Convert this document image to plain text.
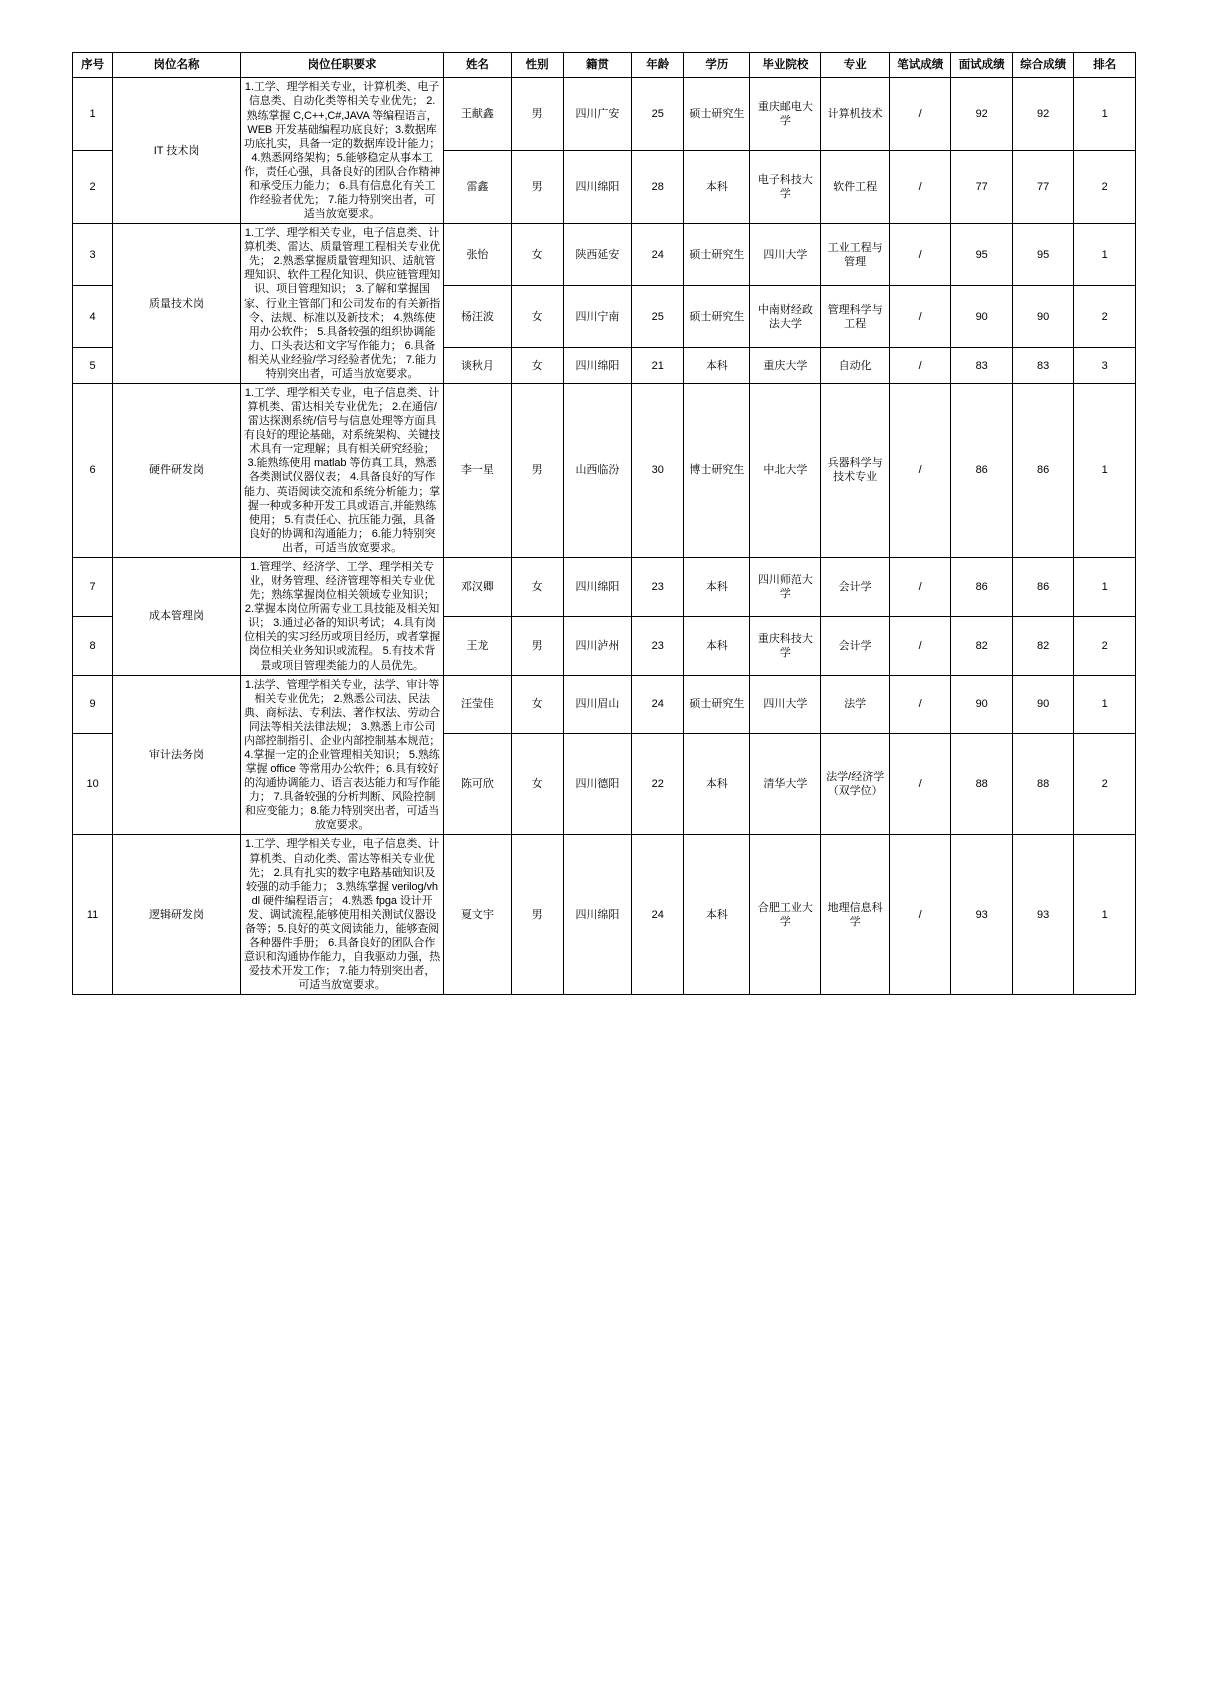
序号	岗位名称	岗位任职要求	姓名	性别	籍贯	年龄	学历	毕业院校	专业	笔试成绩	面试成绩	综合成绩	排名
1	IT 技术岗	1.工学、理学相关专业，计算机类、电子信息类、自动化类等相关专业优先； 2.熟练掌握 C,C++,C#,JAVA 等编程语言，WEB 开发基础编程功底良好；3.数据库功底扎实，具备一定的数据库设计能力； 4.熟悉网络架构；5.能够稳定从事本工作，责任心强，具备良好的团队合作精神和承受压力能力； 6.具有信息化有关工作经验者优先； 7.能力特别突出者，可适当放宽要求。	王献鑫	男	四川广安	25	硕士研究生	重庆邮电大学	计算机技术	/	92	92	1
2			雷鑫	男	四川绵阳	28	本科	电子科技大学	软件工程	/	77	77	2
3	质量技术岗	1.工学、理学相关专业，电子信息类、计算机类、雷达、质量管理工程相关专业优先； 2.熟悉掌握质量管理知识、适航管理知识、软件工程化知识、供应链管理知识、项目管理知识； 3.了解和掌握国家、行业主管部门和公司发布的有关新指令、法规、标准以及新技术； 4.熟练使用办公软件； 5.具备较强的组织协调能力、口头表达和文字写作能力； 6.具备相关从业经验/学习经验者优先； 7.能力特别突出者，可适当放宽要求。	张怡	女	陕西延安	24	硕士研究生	四川大学	工业工程与管理	/	95	95	1
4			杨汪波	女	四川宁南	25	硕士研究生	中南财经政法大学	管理科学与工程	/	90	90	2
5			谈秋月	女	四川绵阳	21	本科	重庆大学	自动化	/	83	83	3
6	硬件研发岗	1.工学、理学相关专业，电子信息类、计算机类、雷达相关专业优先； 2.在通信/雷达探测系统/信号与信息处理等方面具有良好的理论基础，对系统架构、关键技术具有一定理解；具有相关研究经验； 3.能熟练使用 matlab 等仿真工具，熟悉各类测试仪器仪表； 4.具备良好的写作能力、英语阅读交流和系统分析能力；掌握一种或多种开发工具或语言,并能熟练使用； 5.有责任心、抗压能力强，具备良好的协调和沟通能力； 6.能力特别突出者，可适当放宽要求。	李一星	男	山西临汾	30	博士研究生	中北大学	兵器科学与技术专业	/	86	86	1
7	成本管理岗	1.管理学、经济学、工学、理学相关专业，财务管理、经济管理等相关专业优先；熟练掌握岗位相关领域专业知识； 2.掌握本岗位所需专业工具技能及相关知识； 3.通过必备的知识考试； 4.具有岗位相关的实习经历或项目经历，或者掌握岗位相关业务知识或流程。 5.有技术背景或项目管理类能力的人员优先。	邓汉卿	女	四川绵阳	23	本科	四川师范大学	会计学	/	86	86	1
8			王龙	男	四川泸州	23	本科	重庆科技大学	会计学	/	82	82	2
9	审计法务岗	1.法学、管理学相关专业，法学、审计等相关专业优先； 2.熟悉公司法、民法典、商标法、专利法、著作权法、劳动合同法等相关法律法规； 3.熟悉上市公司内部控制指引、企业内部控制基本规范； 4.掌握一定的企业管理相关知识； 5.熟练掌握 office 等常用办公软件；6.具有较好的沟通协调能力、语言表达能力和写作能力； 7.具备较强的分析判断、风险控制和应变能力；8.能力特别突出者，可适当放宽要求。	汪莹佳	女	四川眉山	24	硕士研究生	四川大学	法学	/	90	90	1
10			陈可欣	女	四川德阳	22	本科	清华大学	法学/经济学（双学位）	/	88	88	2
11	逻辑研发岗	1.工学、理学相关专业，电子信息类、计算机类、自动化类、雷达等相关专业优先； 2.具有扎实的数字电路基础知识及较强的动手能力； 3.熟练掌握 verilog/vhdl 硬件编程语言； 4.熟悉 fpga 设计开发、调试流程,能够使用相关测试仪器设备等；5.良好的英文阅读能力，能够查阅各种器件手册； 6.具备良好的团队合作意识和沟通协作能力，自我驱动力强，热爱技术开发工作； 7.能力特别突出者，可适当放宽要求。	夏文宇	男	四川绵阳	24	本科	合肥工业大学	地理信息科学	/	93	93	1
